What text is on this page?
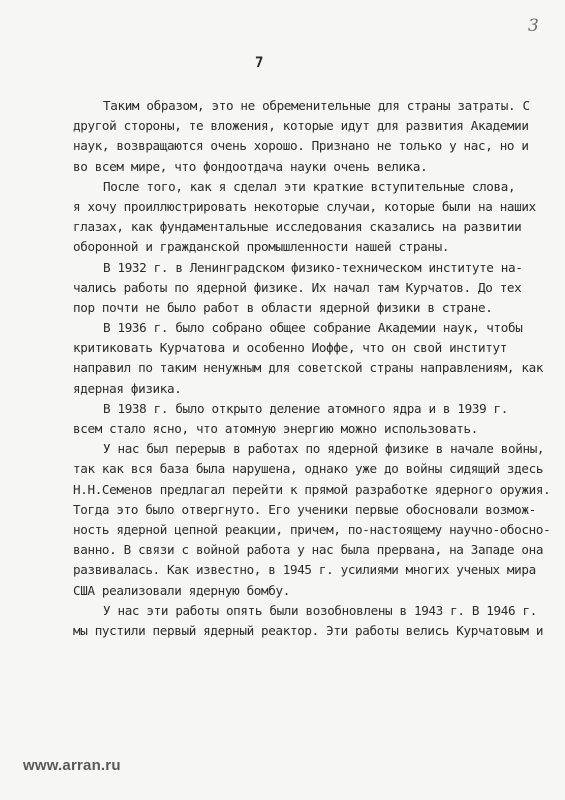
3
7
Таким образом, это не обременительные для страны затраты. С
другой стороны, те вложения, которые идут для развития Академии
наук, возвращаются очень хорошо. Признано не только у нас, но и
во всем мире, что фондоотдача науки очень велика.
После того, как я сделал эти краткие вступительные слова,
я хочу проиллюстрировать некоторые случаи, которые были на наших
глазах, как фундаментальные исследования сказались на развитии
оборонной и гражданской промышленности нашей страны.
В 1932 г. в Ленинградском физико-техническом институте на-
чались работы по ядерной физике. Их начал там Курчатов. До тех
пор почти не было работ в области ядерной физики в стране.
В 1936 г. было собрано общее собрание Академии наук, чтобы
критиковать Курчатова и особенно Иоффе, что он свой институт
направил по таким ненужным для советской страны направлениям, как
ядерная физика.
В 1938 г. было открыто деление атомного ядра и в 1939 г.
всем стало ясно, что атомную энергию можно использовать.
У нас был перерыв в работах по ядерной физике в начале войны,
так как вся база была нарушена, однако уже до войны сидящий здесь
Н.Н.Семенов предлагал перейти к прямой разработке ядерного оружия.
Тогда это было отвергнуто. Его ученики первые обосновали возмож-
ность ядерной цепной реакции, причем, по-настоящему научно-обосно-
ванно. В связи с войной работа у нас была прервана, на Западе она
развивалась. Как известно, в 1945 г. усилиями многих ученых мира
США реализовали ядерную бомбу.
У нас эти работы опять были возобновлены в 1943 г. В 1946 г.
мы пустили первый ядерный реактор. Эти работы велись Курчатовым и
www.arran.ru
